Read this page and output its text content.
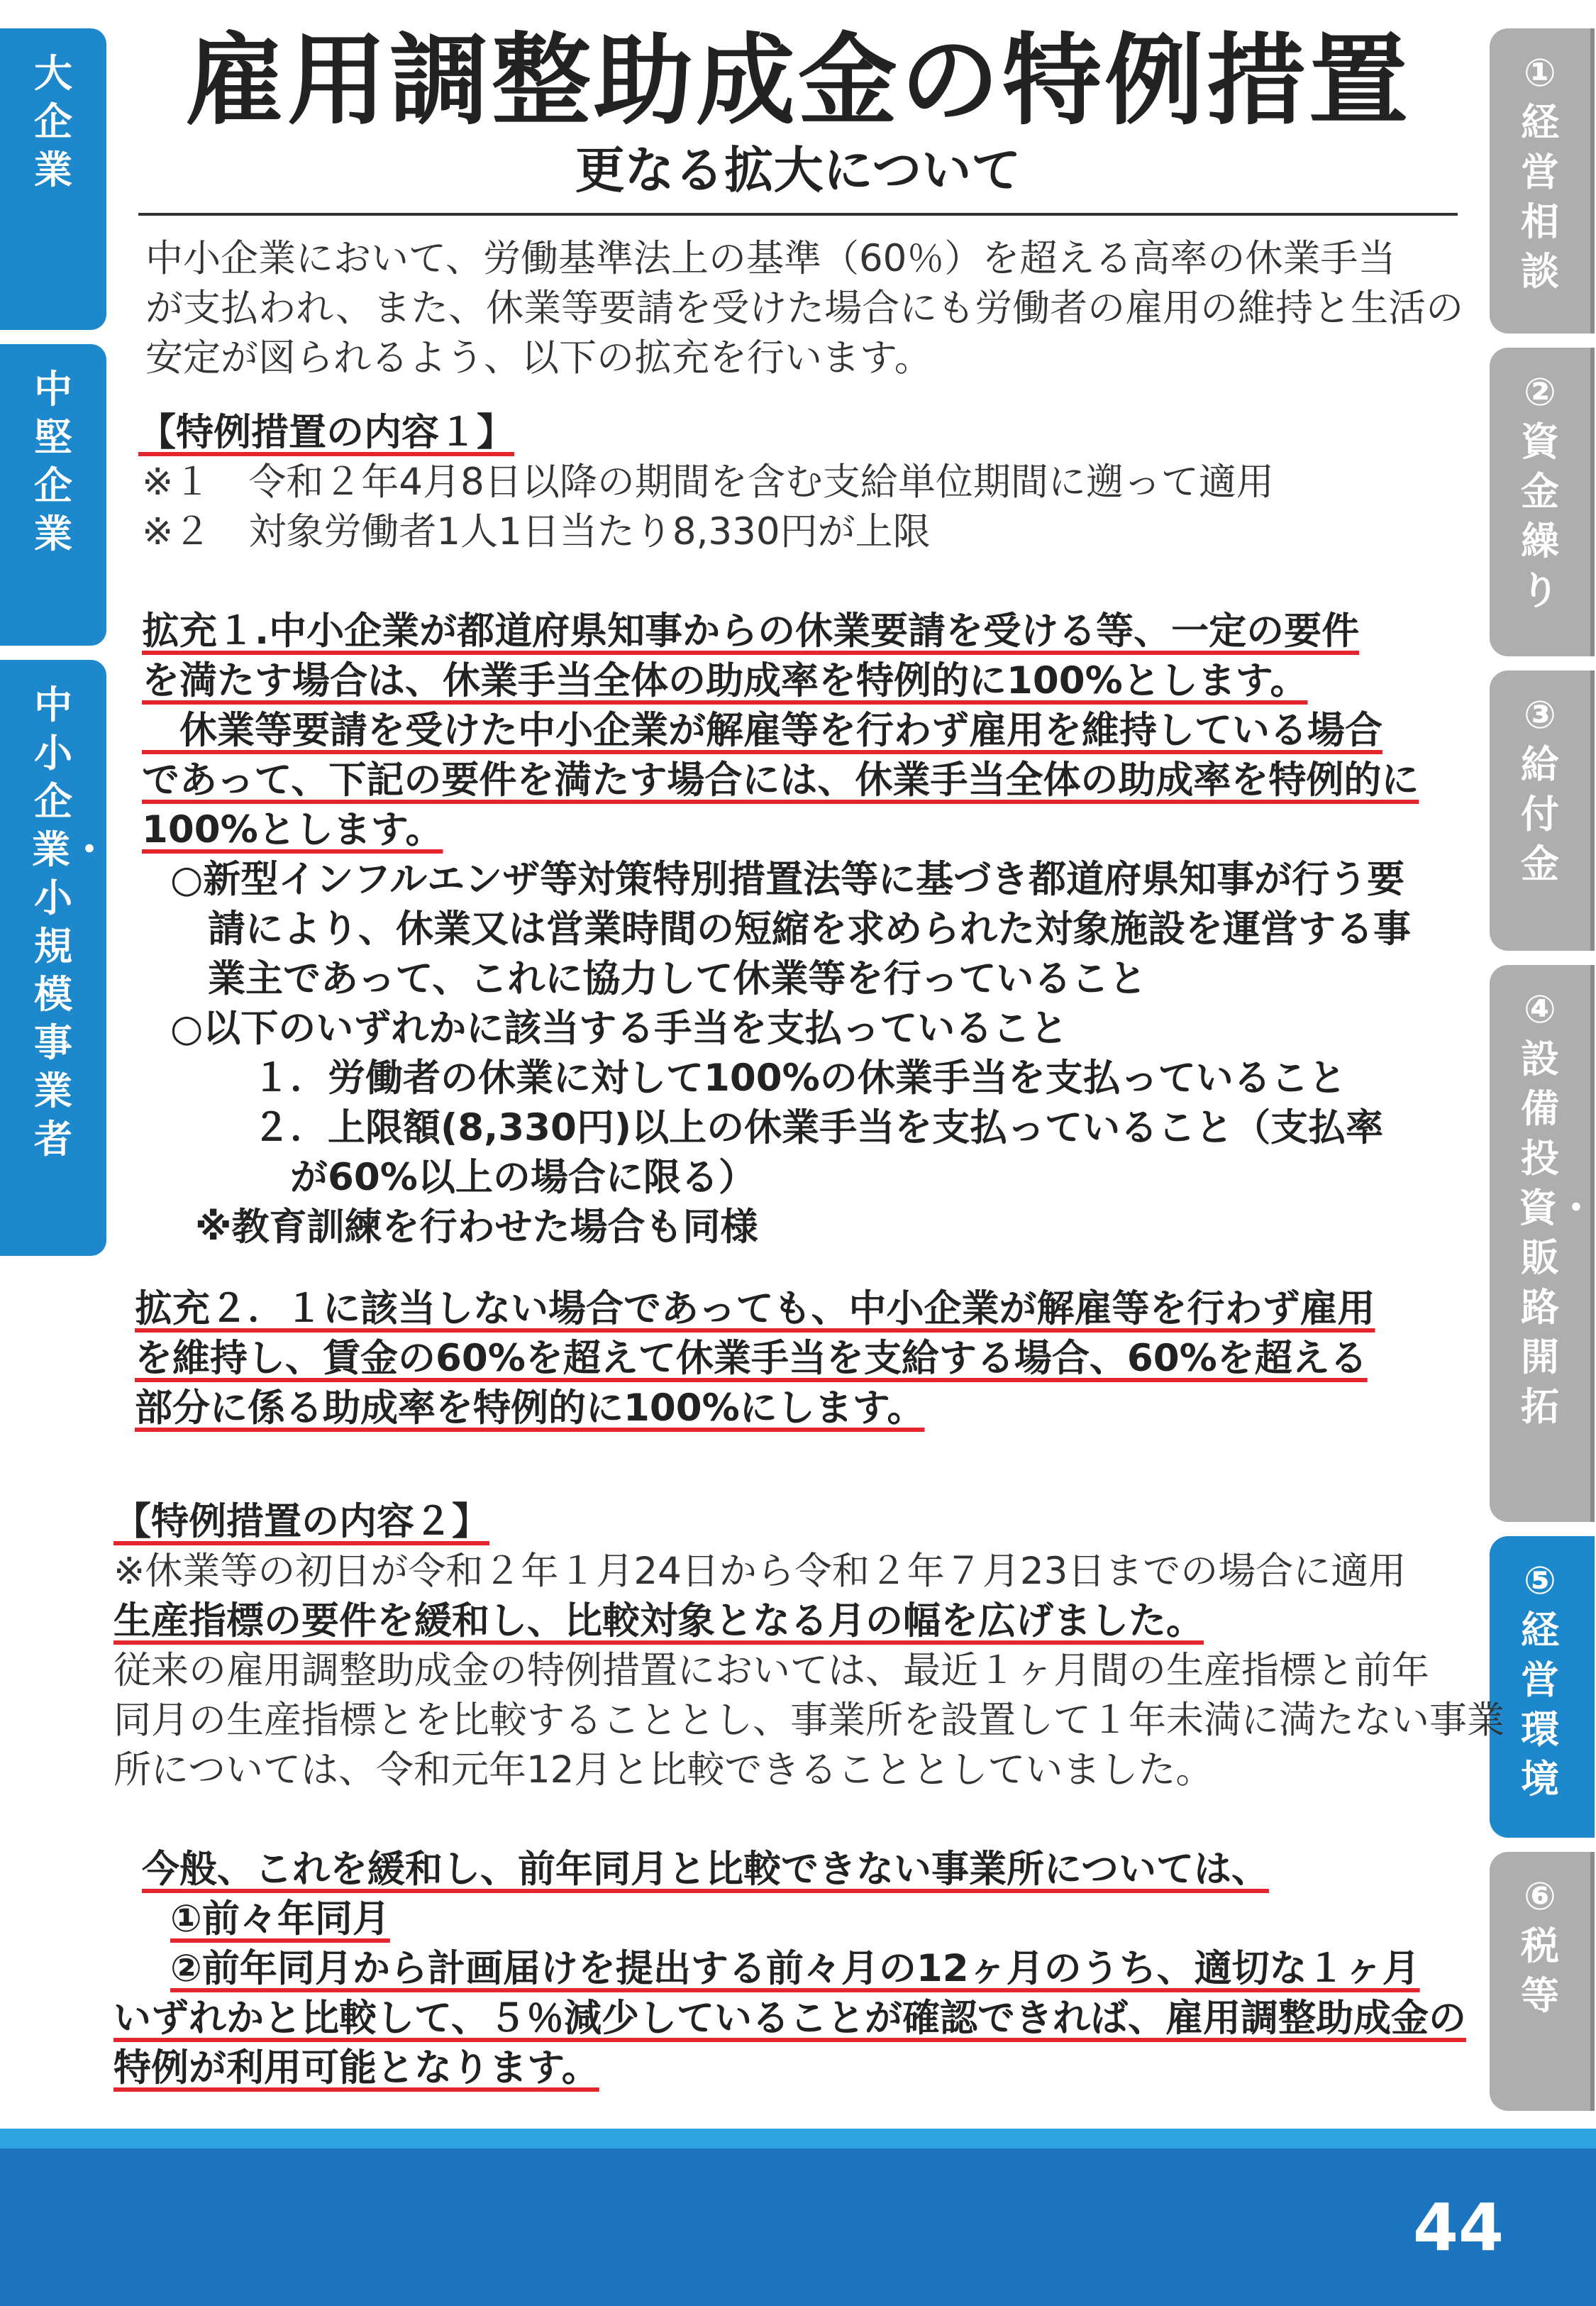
大企業
中堅企業
中小企業・小規模事業者
①経営相談
②資金繰り
③給付金
④設備投資・販路開拓
⑤経営環境
⑥税等
雇用調整助成金の特例措置
更なる拡大について
中小企業において、労働基準法上の基準（60％）を超える高率の休業手当
が支払われ、また、休業等要請を受けた場合にも労働者の雇用の維持と生活の
安定が図られるよう、以下の拡充を行います。
【特例措置の内容１】
※１　令和２年4月8日以降の期間を含む支給単位期間に遡って適用
※２　対象労働者1人1日当たり8,330円が上限
拡充１.中小企業が都道府県知事からの休業要請を受ける等、一定の要件
を満たす場合は、休業手当全体の助成率を特例的に100%とします。
　休業等要請を受けた中小企業が解雇等を行わず雇用を維持している場合
であって、下記の要件を満たす場合には、休業手当全体の助成率を特例的に
100%とします。
○新型インフルエンザ等対策特別措置法等に基づき都道府県知事が行う要
　請により、休業又は営業時間の短縮を求められた対象施設を運営する事
　業主であって、これに協力して休業等を行っていること
○以下のいずれかに該当する手当を支払っていること
　　１．労働者の休業に対して100%の休業手当を支払っていること
　　２．上限額(8,330円)以上の休業手当を支払っていること（支払率
　　　が60%以上の場合に限る）
※教育訓練を行わせた場合も同様
拡充２．１に該当しない場合であっても、中小企業が解雇等を行わず雇用
を維持し、賃金の60%を超えて休業手当を支給する場合、60%を超える
部分に係る助成率を特例的に100%にします。
【特例措置の内容２】
※休業等の初日が令和２年１月24日から令和２年７月23日までの場合に適用
生産指標の要件を緩和し、比較対象となる月の幅を広げました。
従来の雇用調整助成金の特例措置においては、最近１ヶ月間の生産指標と前年
同月の生産指標とを比較することとし、事業所を設置して１年未満に満たない事業
所については、令和元年12月と比較できることとしていました。
今般、これを緩和し、前年同月と比較できない事業所については、
①前々年同月
②前年同月から計画届けを提出する前々月の12ヶ月のうち、適切な１ヶ月
いずれかと比較して、５％減少していることが確認できれば、雇用調整助成金の
特例が利用可能となります。
44
